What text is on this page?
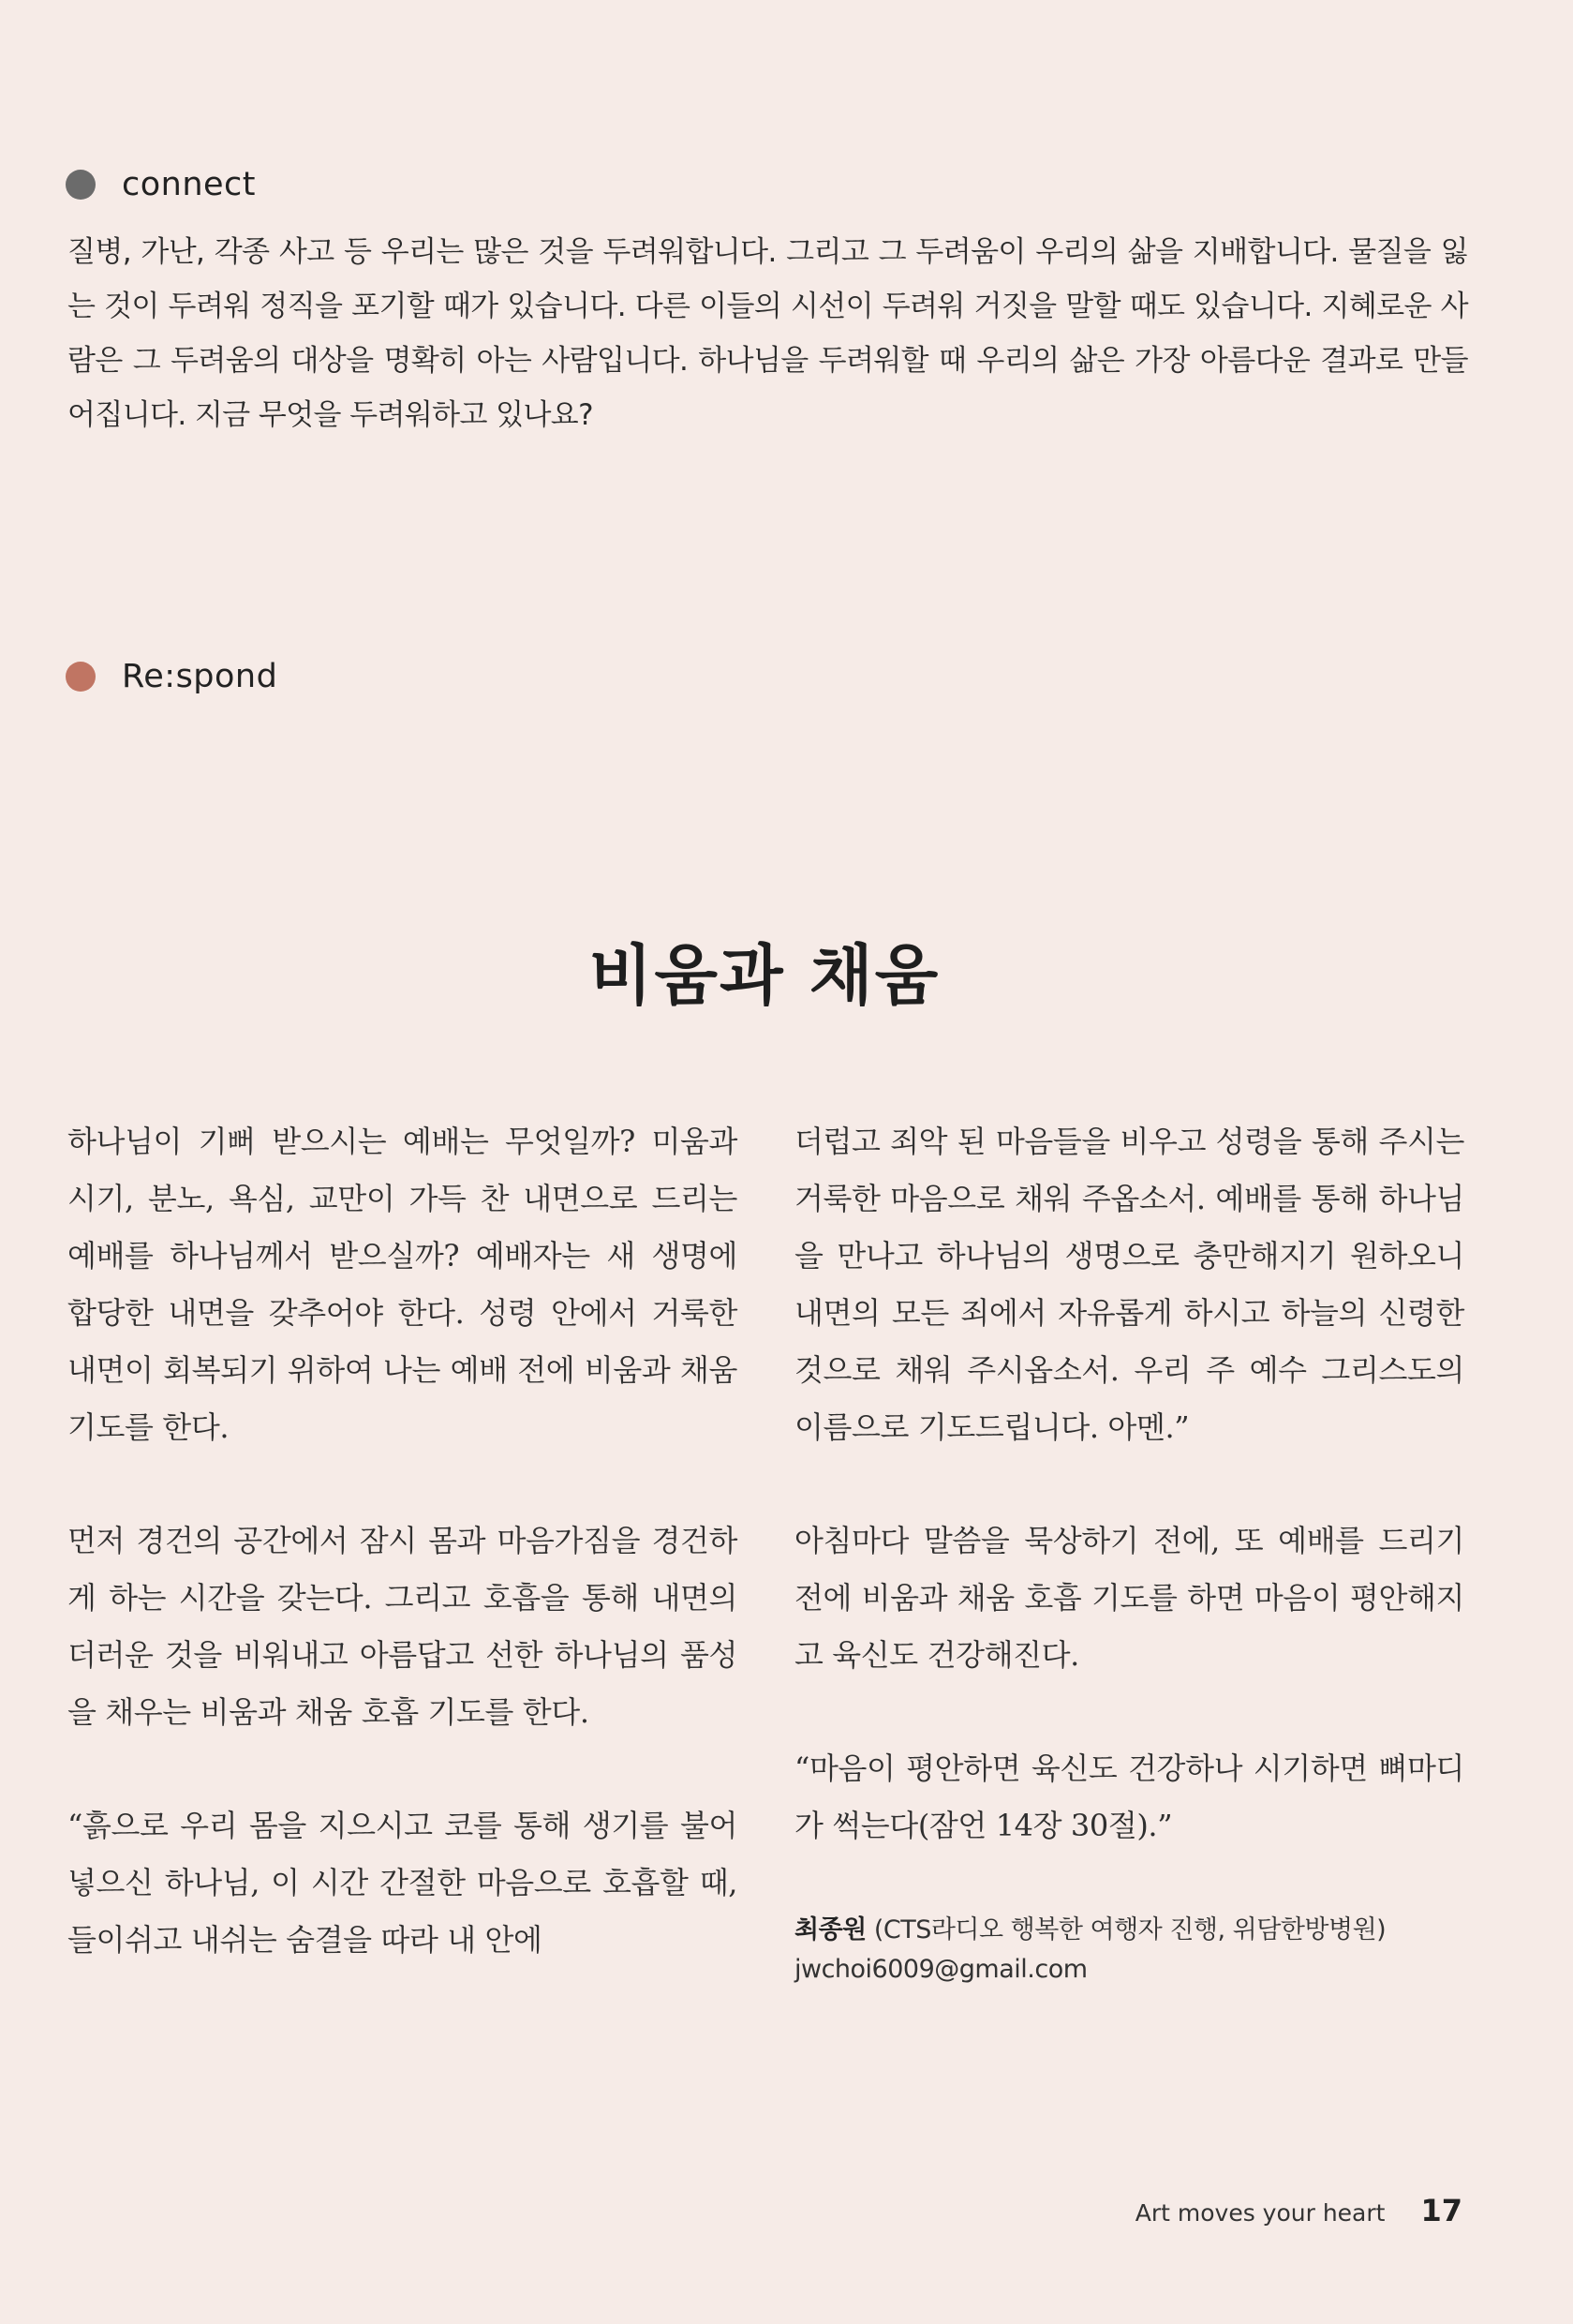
connect
질병, 가난, 각종 사고 등 우리는 많은 것을 두려워합니다. 그리고 그 두려움이 우리의 삶을 지배합니다. 물질을 잃는 것이 두려워 정직을 포기할 때가 있습니다. 다른 이들의 시선이 두려워 거짓을 말할 때도 있습니다. 지혜로운 사람은 그 두려움의 대상을 명확히 아는 사람입니다. 하나님을 두려워할 때 우리의 삶은 가장 아름다운 결과로 만들어집니다. 지금 무엇을 두려워하고 있나요?
Re:spond
비움과 채움

하나님이 기뻐 받으시는 예배는 무엇일까? 미움과 시기, 분노, 욕심, 교만이 가득 찬 내면으로 드리는 예배를 하나님께서 받으실까? 예배자는 새 생명에 합당한 내면을 갖추어야 한다. 성령 안에서 거룩한 내면이 회복되기 위하여 나는 예배 전에 비움과 채움 기도를 한다.

먼저 경건의 공간에서 잠시 몸과 마음가짐을 경건하게 하는 시간을 갖는다. 그리고 호흡을 통해 내면의 더러운 것을 비워내고 아름답고 선한 하나님의 품성을 채우는 비움과 채움 호흡 기도를 한다.

“흙으로 우리 몸을 지으시고 코를 통해 생기를 불어넣으신 하나님, 이 시간 간절한 마음으로 호흡할 때, 들이쉬고 내쉬는 숨결을 따라 내 안에

더럽고 죄악 된 마음들을 비우고 성령을 통해 주시는 거룩한 마음으로 채워 주옵소서. 예배를 통해 하나님을 만나고 하나님의 생명으로 충만해지기 원하오니 내면의 모든 죄에서 자유롭게 하시고 하늘의 신령한 것으로 채워 주시옵소서. 우리 주 예수 그리스도의 이름으로 기도드립니다. 아멘.”

아침마다 말씀을 묵상하기 전에, 또 예배를 드리기 전에 비움과 채움 호흡 기도를 하면 마음이 평안해지고 육신도 건강해진다.

“마음이 평안하면 육신도 건강하나 시기하면 뼈마디가 썩는다(잠언 14장 30절).”

최종원 (CTS라디오 행복한 여행자 진행, 위담한방병원)
jwchoi6009@gmail.com
Art moves your heart 17
